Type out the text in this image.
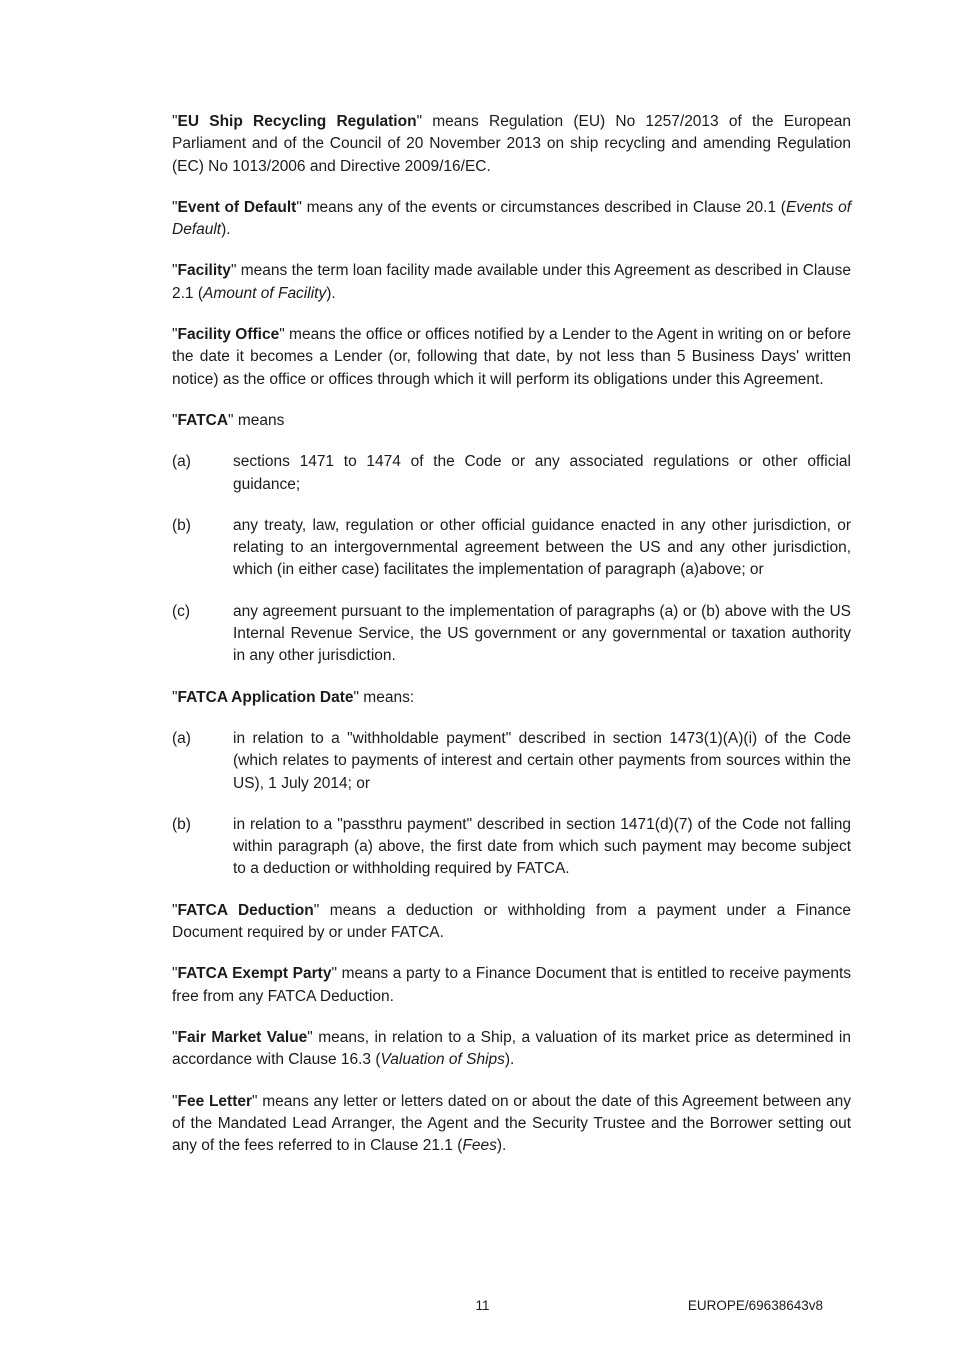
"EU Ship Recycling Regulation" means Regulation (EU) No 1257/2013 of the European Parliament and of the Council of 20 November 2013 on ship recycling and amending Regulation (EC) No 1013/2006 and Directive 2009/16/EC.
"Event of Default" means any of the events or circumstances described in Clause 20.1 (Events of Default).
"Facility" means the term loan facility made available under this Agreement as described in Clause 2.1 (Amount of Facility).
"Facility Office" means the office or offices notified by a Lender to the Agent in writing on or before the date it becomes a Lender (or, following that date, by not less than 5 Business Days' written notice) as the office or offices through which it will perform its obligations under this Agreement.
"FATCA" means
(a)	sections 1471 to 1474 of the Code or any associated regulations or other official guidance;
(b)	any treaty, law, regulation or other official guidance enacted in any other jurisdiction, or relating to an intergovernmental agreement between the US and any other jurisdiction, which (in either case) facilitates the implementation of paragraph (a)above; or
(c)	any agreement pursuant to the implementation of paragraphs (a) or (b) above with the US Internal Revenue Service, the US government or any governmental or taxation authority in any other jurisdiction.
"FATCA Application Date" means:
(a)	in relation to a "withholdable payment" described in section 1473(1)(A)(i) of the Code (which relates to payments of interest and certain other payments from sources within the US), 1 July 2014; or
(b)	in relation to a "passthru payment" described in section 1471(d)(7) of the Code not falling within paragraph (a) above, the first date from which such payment may become subject to a deduction or withholding required by FATCA.
"FATCA Deduction" means a deduction or withholding from a payment under a Finance Document required by or under FATCA.
"FATCA Exempt Party" means a party to a Finance Document that is entitled to receive payments free from any FATCA Deduction.
"Fair Market Value" means, in relation to a Ship, a valuation of its market price as determined in accordance with Clause 16.3 (Valuation of Ships).
"Fee Letter" means any letter or letters dated on or about the date of this Agreement between any of the Mandated Lead Arranger, the Agent and the Security Trustee and the Borrower setting out any of the fees referred to in Clause 21.1 (Fees).
11	EUROPE/69638643v8
